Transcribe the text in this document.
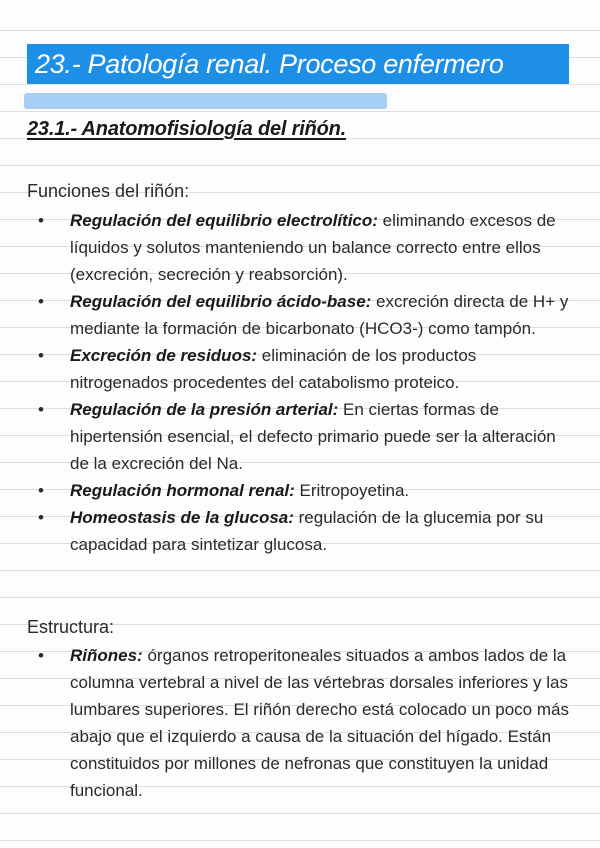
23.- Patología renal. Proceso enfermero
23.1.- Anatomofisiología del riñón.
Funciones del riñón:
• Regulación del equilibrio electrolítico: eliminando excesos de líquidos y solutos manteniendo un balance correcto entre ellos (excreción, secreción y reabsorción).
• Regulación del equilibrio ácido-base: excreción directa de H+ y mediante la formación de bicarbonato (HCO3-) como tampón.
• Excreción de residuos: eliminación de los productos nitrogenados procedentes del catabolismo proteico.
• Regulación de la presión arterial: En ciertas formas de hipertensión esencial, el defecto primario puede ser la alteración de la excreción del Na.
• Regulación hormonal renal: Eritropoyetina.
• Homeostasis de la glucosa: regulación de la glucemia por su capacidad para sintetizar glucosa.
Estructura:
• Riñones: órganos retroperitoneales situados a ambos lados de la columna vertebral a nivel de las vértebras dorsales inferiores y las lumbares superiores. El riñón derecho está colocado un poco más abajo que el izquierdo a causa de la situación del hígado. Están constituidos por millones de nefronas que constituyen la unidad funcional.
